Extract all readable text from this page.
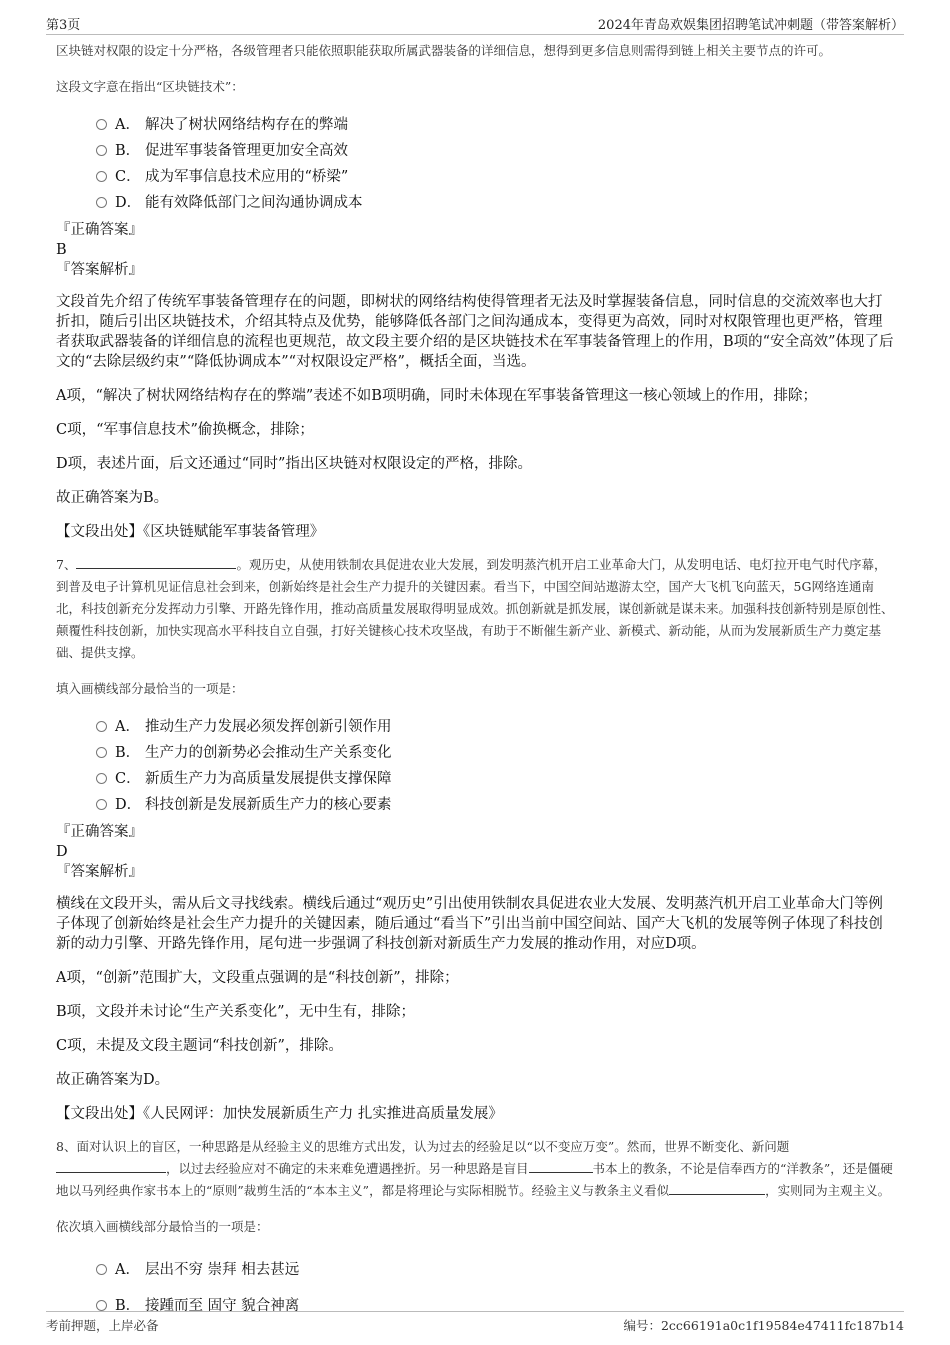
第3页	2024年青岛欢娱集团招聘笔试冲刺题（带答案解析）

区块链对权限的设定十分严格，各级管理者只能依照职能获取所属武器装备的详细信息，想得到更多信息则需得到链上相关主要节点的许可。

这段文字意在指出“区块链技术”：

A． 解决了树状网络结构存在的弊端
B． 促进军事装备管理更加安全高效
C． 成为军事信息技术应用的“桥梁”
D． 能有效降低部门之间沟通协调成本
『正确答案』
B
『答案解析』

文段首先介绍了传统军事装备管理存在的问题，即树状的网络结构使得管理者无法及时掌握装备信息，同时信息的交流效率也大打折扣，随后引出区块链技术，介绍其特点及优势，能够降低各部门之间沟通成本，变得更为高效，同时对权限管理也更严格，管理者获取武器装备的详细信息的流程也更规范，故文段主要介绍的是区块链技术在军事装备管理上的作用，B项的“安全高效”体现了后文的“去除层级约束”“降低协调成本”“对权限设定严格”，概括全面，当选。

A项，“解决了树状网络结构存在的弊端”表述不如B项明确，同时未体现在军事装备管理这一核心领域上的作用，排除；

C项，“军事信息技术”偷换概念，排除；

D项，表述片面，后文还通过“同时”指出区块链对权限设定的严格，排除。

故正确答案为B。

【文段出处】《区块链赋能军事装备管理》

7、	。观历史，从使用铁制农具促进农业大发展，到发明蒸汽机开启工业革命大门，从发明电话、电灯拉开电气时代序幕，到普及电子计算机见证信息社会到来，创新始终是社会生产力提升的关键因素。看当下，中国空间站遨游太空，国产大飞机飞向蓝天，5G网络连通南北，科技创新充分发挥动力引擎、开路先锋作用，推动高质量发展取得明显成效。抓创新就是抓发展，谋创新就是谋未来。加强科技创新特别是原创性、颠覆性科技创新，加快实现高水平科技自立自强，打好关键核心技术攻坚战，有助于不断催生新产业、新模式、新动能，从而为发展新质生产力奠定基础、提供支撑。

填入画横线部分最恰当的一项是：

A． 推动生产力发展必须发挥创新引领作用
B． 生产力的创新势必会推动生产关系变化
C． 新质生产力为高质量发展提供支撑保障
D． 科技创新是发展新质生产力的核心要素
『正确答案』
D
『答案解析』

横线在文段开头，需从后文寻找线索。横线后通过“观历史”引出使用铁制农具促进农业大发展、发明蒸汽机开启工业革命大门等例子体现了创新始终是社会生产力提升的关键因素，随后通过“看当下”引出当前中国空间站、国产大飞机的发展等例子体现了科技创新的动力引擎、开路先锋作用，尾句进一步强调了科技创新对新质生产力发展的推动作用，对应D项。

A项，“创新”范围扩大，文段重点强调的是“科技创新”，排除；

B项，文段并未讨论“生产关系变化”，无中生有，排除；

C项，未提及文段主题词“科技创新”，排除。

故正确答案为D。

【文段出处】《人民网评：加快发展新质生产力 扎实推进高质量发展》

8、面对认识上的盲区，一种思路是从经验主义的思维方式出发，认为过去的经验足以“以不变应万变”。然而，世界不断变化、新问题，以过去经验应对不确定的未来难免遭遇挫折。另一种思路是盲目	书本上的教条，不论是信奉西方的“洋教条”，还是僵硬地以马列经典作家书本上的“原则”裁剪生活的“本本主义”，都是将理论与实际相脱节。经验主义与教条主义看似	，实则同为主观主义。

依次填入画横线部分最恰当的一项是：

A． 层出不穷 崇拜 相去甚远
B． 接踵而至 固守 貌合神离
考前押题，上岸必备	编号：2cc66191a0c1f19584e47411fc187b14
